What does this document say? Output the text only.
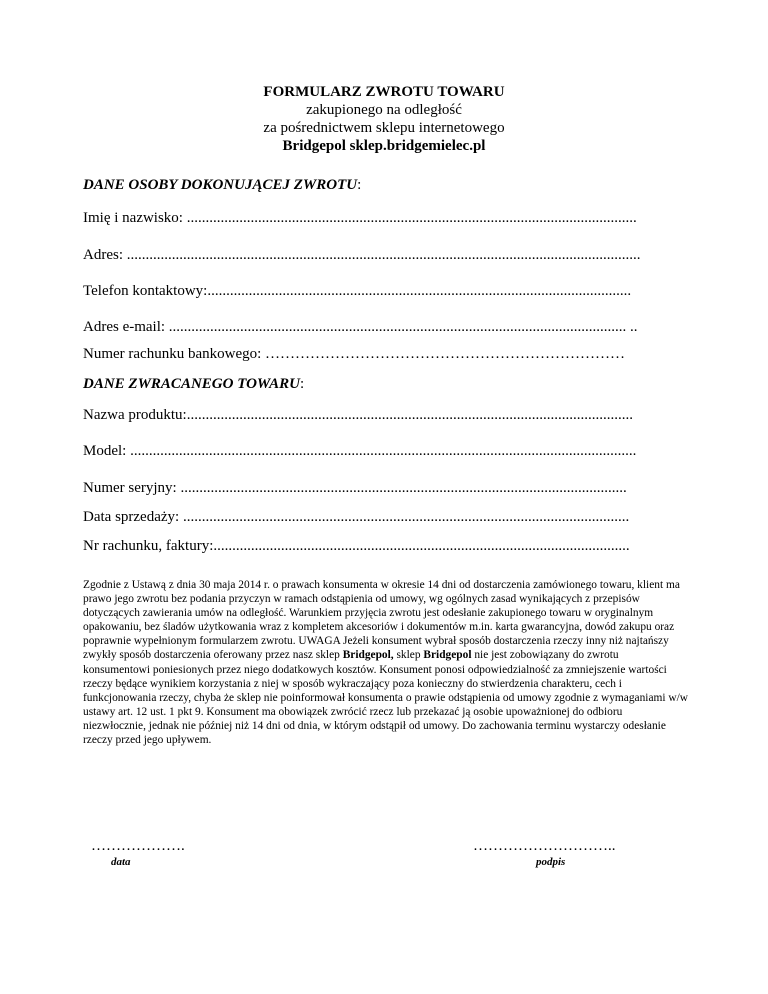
FORMULARZ ZWROTU TOWARU
zakupionego na odległość
za pośrednictwem sklepu internetowego
Bridgepol sklep.bridgemielec.pl
DANE OSOBY DOKONUJĄCEJ ZWROTU:
Imię i nazwisko: ........................................................................................................................
Adres: .........................................................................................................................................
Telefon kontaktowy:.................................................................................................................
Adres e-mail: .......................................................................................................................... ..
Numer rachunku bankowego: ………………………………………………………………
DANE ZWRACANEGO TOWARU:
Nazwa produktu:.......................................................................................................................
Model: .......................................................................................................................................
Numer seryjny: .......................................................................................................................
Data sprzedaży: .......................................................................................................................
Nr rachunku, faktury:...............................................................................................................

Zgodnie z Ustawą z dnia 30 maja 2014 r. o prawach konsumenta w okresie 14 dni od dostarczenia zamówionego towaru, klient ma prawo jego zwrotu bez podania przyczyn w ramach odstąpienia od umowy, wg ogólnych zasad wynikających z przepisów dotyczących zawierania umów na odległość. Warunkiem przyjęcia zwrotu jest odesłanie zakupionego towaru w oryginalnym opakowaniu, bez śladów użytkowania wraz z kompletem akcesoriów i dokumentów m.in. karta gwarancyjna, dowód zakupu oraz poprawnie wypełnionym formularzem zwrotu. UWAGA Jeżeli konsument wybrał sposób dostarczenia rzeczy inny niż najtańszy zwykły sposób dostarczenia oferowany przez nasz sklep Bridgepol, sklep Bridgepol nie jest zobowiązany do zwrotu konsumentowi poniesionych przez niego dodatkowych kosztów. Konsument ponosi odpowiedzialność za zmniejszenie wartości rzeczy będące wynikiem korzystania z niej w sposób wykraczający poza konieczny do stwierdzenia charakteru, cech i funkcjonowania rzeczy, chyba że sklep nie poinformował konsumenta o prawie odstąpienia od umowy zgodnie z wymaganiami w/w ustawy art. 12 ust. 1 pkt 9. Konsument ma obowiązek zwrócić rzecz lub przekazać ją osobie upoważnionej do odbioru niezwłocznie, jednak nie później niż 14 dni od dnia, w którym odstąpił od umowy. Do zachowania terminu wystarczy odesłanie rzeczy przed jego upływem.

……………….
data
………………………..
podpis
